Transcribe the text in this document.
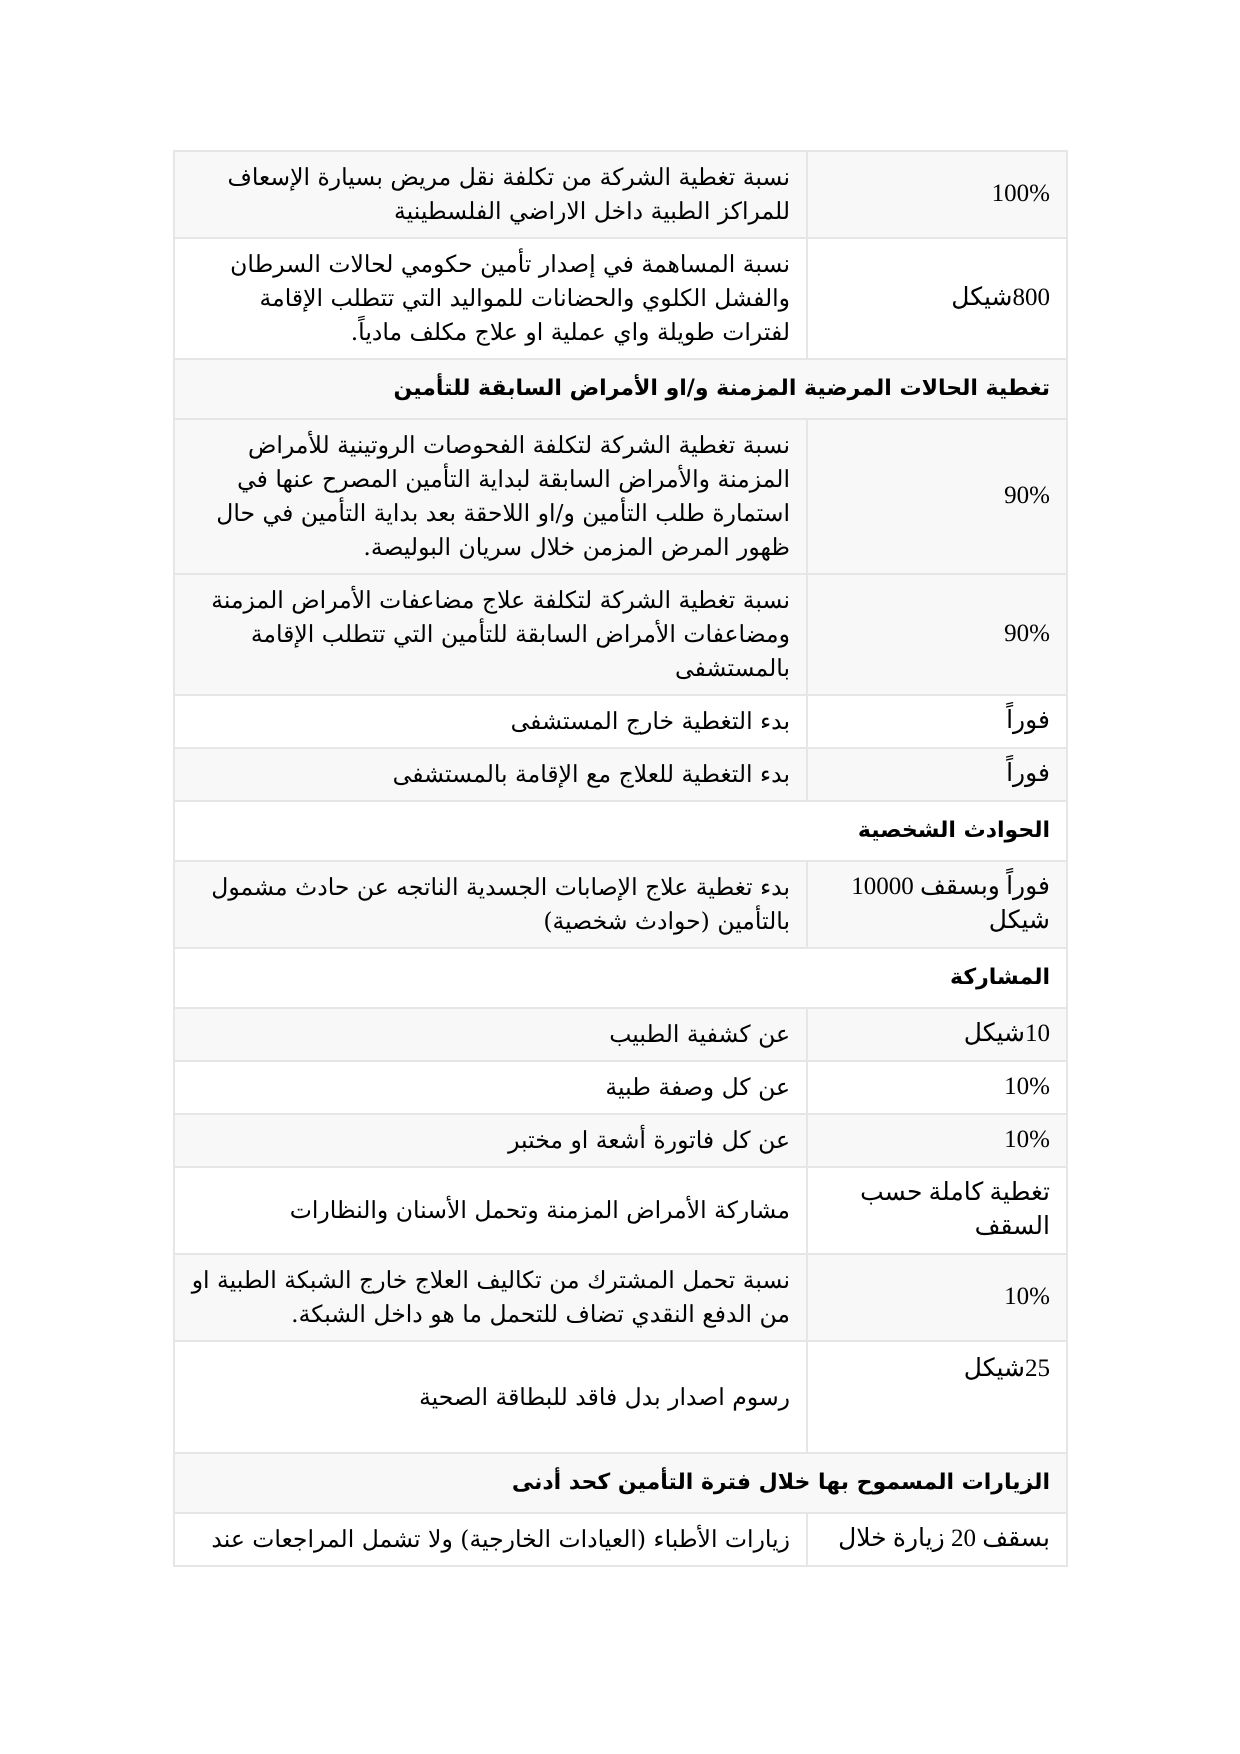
100%	نسبة تغطية الشركة من تكلفة نقل مريض بسيارة الإسعاف للمراكز الطبية داخل الاراضي الفلسطينية
800شيكل	نسبة المساهمة في إصدار تأمين حكومي لحالات السرطان والفشل الكلوي والحضانات للمواليد التي تتطلب الإقامة لفترات طويلة واي عملية او علاج مكلف مادياً.
تغطية الحالات المرضية المزمنة و/او الأمراض السابقة للتأمين	
90%	نسبة تغطية الشركة لتكلفة الفحوصات الروتينية للأمراض المزمنة والأمراض السابقة لبداية التأمين المصرح عنها في استمارة طلب التأمين و/او اللاحقة بعد بداية التأمين في حال ظهور المرض المزمن خلال سريان البوليصة.
90%	نسبة تغطية الشركة لتكلفة علاج مضاعفات الأمراض المزمنة ومضاعفات الأمراض السابقة للتأمين التي تتطلب الإقامة بالمستشفى
فوراً	بدء التغطية خارج المستشفى
فوراً	بدء التغطية للعلاج مع الإقامة بالمستشفى
الحوادث الشخصية	
فوراً وبسقف 10000 شيكل	بدء تغطية علاج الإصابات الجسدية الناتجه عن حادث مشمول بالتأمين (حوادث شخصية)
المشاركة	
10شيكل	عن كشفية الطبيب
10%	عن كل وصفة طبية
10%	عن كل فاتورة أشعة او مختبر
تغطية كاملة حسب السقف	مشاركة الأمراض المزمنة وتحمل الأسنان والنظارات
10%	نسبة تحمل المشترك من تكاليف العلاج خارج الشبكة الطبية او من الدفع النقدي تضاف للتحمل ما هو داخل الشبكة.
25شيكل	رسوم اصدار بدل فاقد للبطاقة الصحية
الزيارات المسموح بها خلال فترة التأمين كحد أدنى	
بسقف 20 زيارة خلال	زيارات الأطباء (العيادات الخارجية) ولا تشمل المراجعات عند
